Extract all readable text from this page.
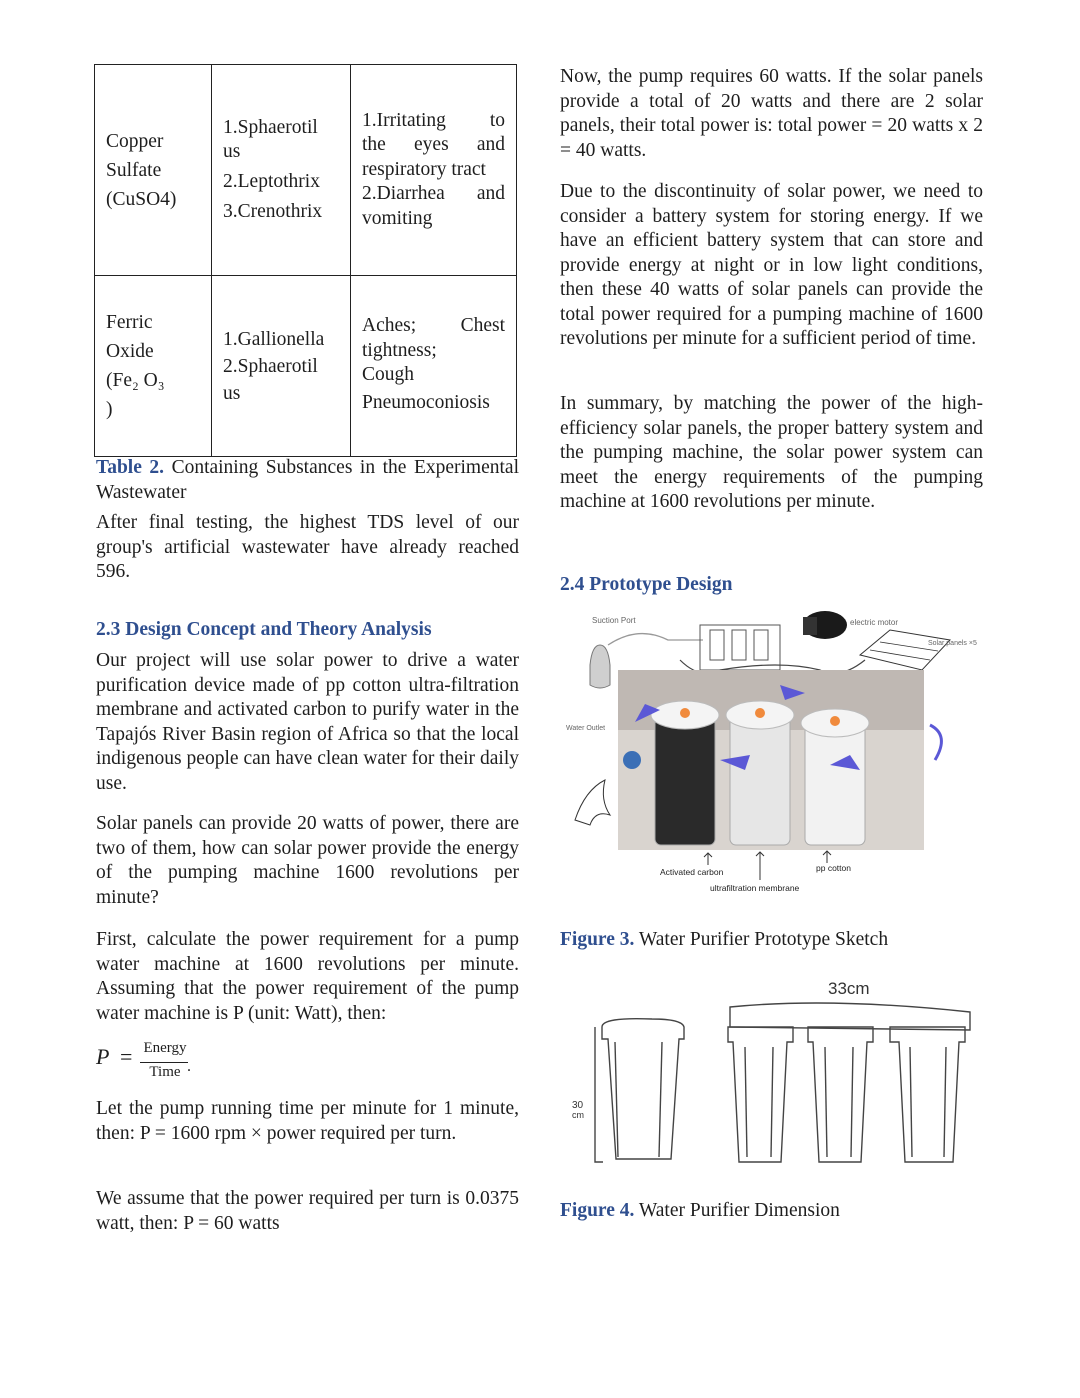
Copper
Sulfate
(CuSO4)	1.Sphaerotil
us
2.Leptothrix
3.Crenothrix	1.Irritating to
the eyes and
respiratory tract
2.Diarrhea and
vomiting

Ferric
Oxide
(Fe₂ O₃
)	1.Gallionella
2.Sphaerotil
us	Aches; Chest
tightness;
Cough
Pneumoconiosis

Table 2. Containing Substances in the Experimental Wastewater

After final testing, the highest TDS level of our group's artificial wastewater have already reached 596.

2.3 Design Concept and Theory Analysis

Our project will use solar power to drive a water purification device made of pp cotton ultra-filtration membrane and activated carbon to purify water in the Tapajós River Basin region of Africa so that the local indigenous people can have clean water for their daily use.

Solar panels can provide 20 watts of power, there are two of them, how can solar power provide the energy of the pumping machine 1600 revolutions per minute?

First, calculate the power requirement for a pump water machine at 1600 revolutions per minute. Assuming that the power requirement of the pump water machine is P (unit: Watt), then:

P = Energy
Time .

Let the pump running time per minute for 1 minute, then: P = 1600 rpm × power required per turn.

We assume that the power required per turn is 0.0375 watt, then: P = 60 watts

Now, the pump requires 60 watts. If the solar panels provide a total of 20 watts and there are 2 solar panels, their total power is: total power = 20 watts x 2 = 40 watts.

Due to the discontinuity of solar power, we need to consider a battery system for storing energy. If we have an efficient battery system that can store and provide energy at night or in low light conditions, then these 40 watts of solar panels can provide the total power required for a pumping machine of 1600 revolutions per minute for a sufficient period of time.

In summary, by matching the power of the high-efficiency solar panels, the proper battery system and the pumping machine, the solar power system can meet the energy requirements of the pumping machine at 1600 revolutions per minute.

2.4 Prototype Design
Suction Port	electric motor
Solar panels ×5
Water Outlet
Activated carbon
ultrafiltration membrane
pp cotton

Figure 3. Water Purifier Prototype Sketch

33cm
30
cm

Figure 4. Water Purifier Dimension
